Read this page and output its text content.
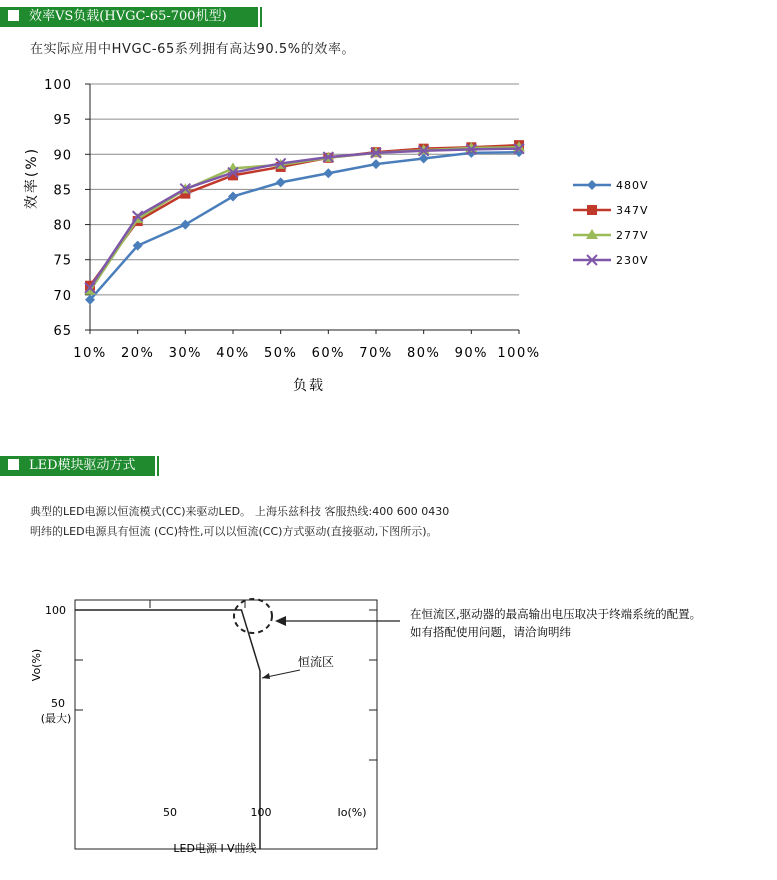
效率VS负载(HVGC-65-700机型)
在实际应用中HVGC-65系列拥有高达90.5%的效率。
65
70
75
80
85
90
95
100
10% 20% 30% 40% 50% 60% 70% 80% 90% 100%
负载
效率(%)	480V
347V
277V
230V
LED模块驱动方式
典型的LED电源以恒流模式(CC)来驱动LED。 上海乐兹科技 客服热线:400 600 0430
明纬的LED电源具有恒流 (CC)特性,可以以恒流(CC)方式驱动(直接驱动,下图所示)。
100
50
(最大)
Vo(%)
50	100	Io(%)
LED电源 I-V曲线
恒流区
在恒流区,驱动器的最高输出电压取决于终端系统的配置。
如有搭配使用问题，请洽询明纬
